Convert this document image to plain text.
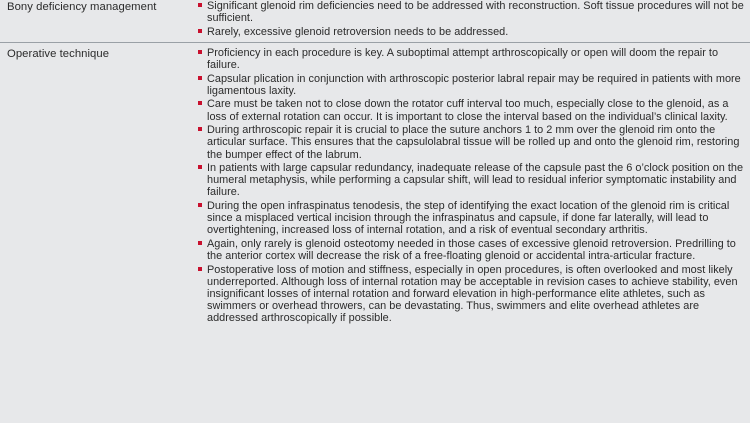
Bony deficiency management	Significant glenoid rim deficiencies need to be addressed with reconstruction. Soft tissue procedures will not be sufficient.
Rarely, excessive glenoid retroversion needs to be addressed.
Operative technique	Proficiency in each procedure is key. A suboptimal attempt arthroscopically or open will doom the repair to failure.
Capsular plication in conjunction with arthroscopic posterior labral repair may be required in patients with more ligamentous laxity.
Care must be taken not to close down the rotator cuff interval too much, especially close to the glenoid, as a loss of external rotation can occur. It is important to close the interval based on the individual’s clinical laxity.
During arthroscopic repair it is crucial to place the suture anchors 1 to 2 mm over the glenoid rim onto the articular surface. This ensures that the capsulolabral tissue will be rolled up and onto the glenoid rim, restoring the bumper effect of the labrum.
In patients with large capsular redundancy, inadequate release of the capsule past the 6 o’clock position on the humeral metaphysis, while performing a capsular shift, will lead to residual inferior symptomatic instability and failure.
During the open infraspinatus tenodesis, the step of identifying the exact location of the glenoid rim is critical since a misplaced vertical incision through the infraspinatus and capsule, if done far laterally, will lead to overtightening, increased loss of internal rotation, and a risk of eventual secondary arthritis.
Again, only rarely is glenoid osteotomy needed in those cases of excessive glenoid retroversion. Predrilling to the anterior cortex will decrease the risk of a free-floating glenoid or accidental intra-articular fracture.
Postoperative loss of motion and stiffness, especially in open procedures, is often overlooked and most likely underreported. Although loss of internal rotation may be acceptable in revision cases to achieve stability, even insignificant losses of internal rotation and forward elevation in high-performance elite athletes, such as swimmers or overhead throwers, can be devastating. Thus, swimmers and elite overhead athletes are addressed arthroscopically if possible.
